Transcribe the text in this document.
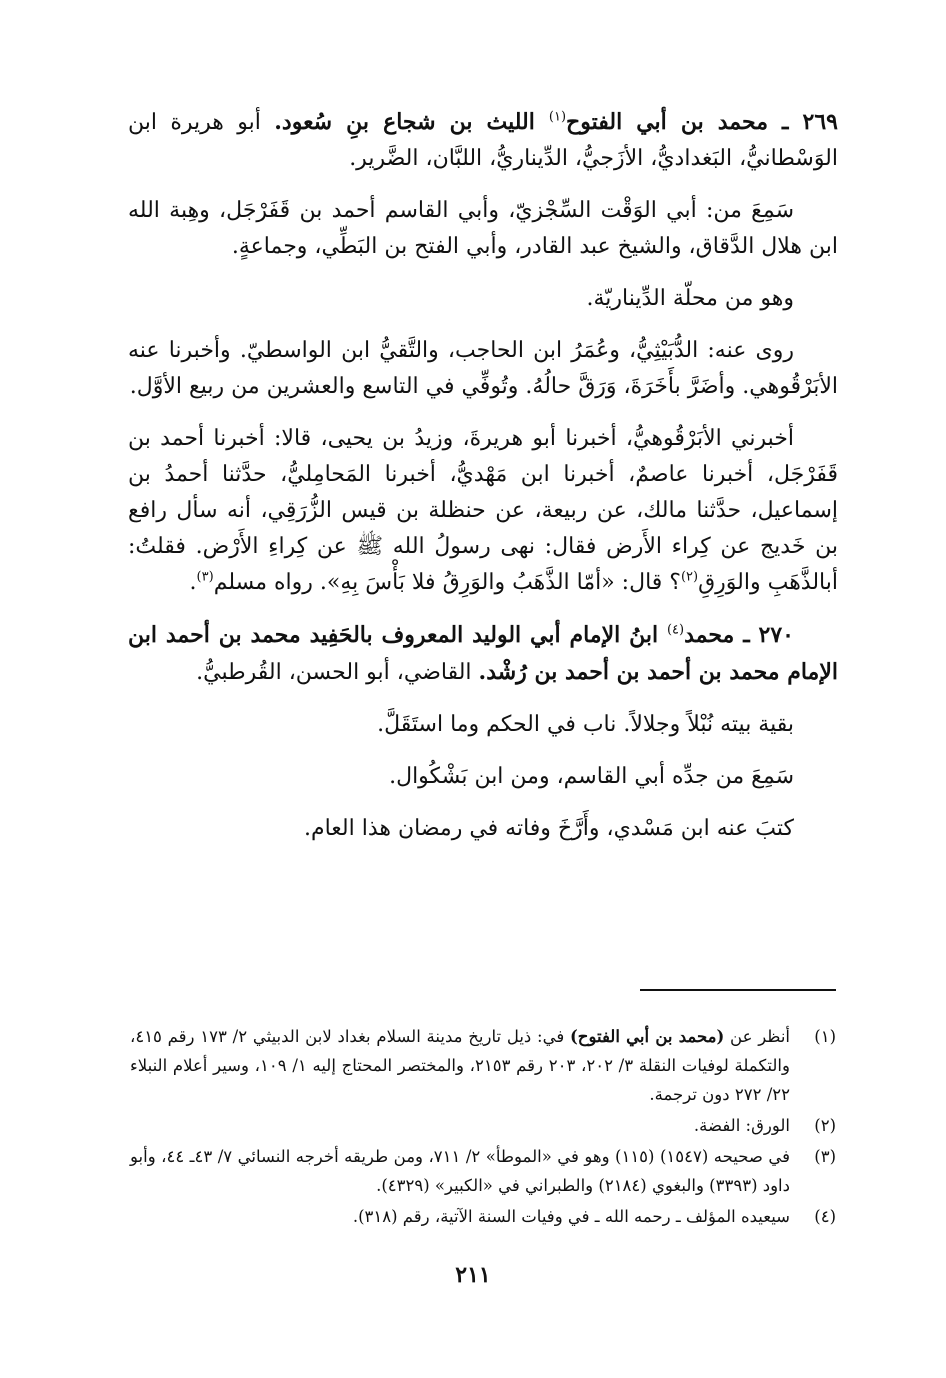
٢٦٩ ـ محمد بن أبي الفتوح$^{(١)}$ الليث بن شجاع بنِ سُعود. أبو هريرة ابن الوَسْطانيُّ، البَغداديُّ، الأزَجيُّ، الدِّيناريُّ، اللبَّان، الضَّرير.

سَمِعَ من: أبي الوَقْت السِّجْزيّ، وأبي القاسم أحمد بن قَفَرْجَل، وهِبة الله ابن هلال الدَّقاق، والشيخ عبد القادر، وأبي الفتح بن البَطِّي، وجماعةٍ.

وهو من محلّة الدِّيناريّة.

روى عنه: الدُّبَيْثِيُّ، وعُمَرُ ابن الحاجب، والتَّقيُّ ابن الواسطيّ. وأخبرنا عنه الأبَرْقُوهي. وأضَرَّ بأَخَرَةَ، وَرَقَّ حالُهُ. وتُوفِّي في التاسع والعشرين من ربيع الأوَّل.

أخبرني الأبَرْقُوهيُّ، أخبرنا أبو هريرةَ، وزيدُ بن يحيى، قالا: أخبرنا أحمد بن قَفَرْجَل، أخبرنا عاصمٌ، أخبرنا ابن مَهْديُّ، أخبرنا المَحامِليُّ، حدَّثنا أحمدُ بن إسماعيل، حدَّثنا مالك، عن ربيعة، عن حنظلة بن قيس الزُّرَقِي، أنه سأل رافع بن خَديج عن كِراء الأَرض فقال: نهى رسولُ الله ﷺ عن كِراءِ الأَرْض. فقلتُ: أبالذَّهَبِ والوَرِقِ$^{(٢)}$؟ قال: «أمّا الذَّهَبُ والوَرِقُ فلا بَأْسَ بِهِ». رواه مسلم$^{(٣)}$.

٢٧٠ ـ محمد$^{(٤)}$ ابنُ الإمام أبي الوليد المعروف بالحَفِيد محمد بن أحمد ابن الإمام محمد بن أحمد بن أحمد بن رُشْد. القاضي، أبو الحسن، القُرطبيُّ.

بقية بيته نُبْلاً وجلالاً. ناب في الحكم وما استَقَلَّ.

سَمِعَ من جدِّه أبي القاسم، ومن ابن بَشْكُوال.

كتبَ عنه ابن مَسْدي، وأَرَّخَ وفاته في رمضان هذا العام.

(١)
أنظر عن (محمد بن أبي الفتوح) في: ذيل تاريخ مدينة السلام بغداد لابن الدبيثي ٢/ ١٧٣ رقم ٤١٥، والتكملة لوفيات النقلة ٣/ ٢٠٢، ٢٠٣ رقم ٢١٥٣، والمختصر المحتاج إليه ١/ ١٠٩، وسير أعلام النبلاء ٢٢/ ٢٧٢ دون ترجمة.
(٢)
الورق: الفضة.
(٣)
في صحيحه (١٥٤٧) (١١٥) وهو في «الموطأ» ٢/ ٧١١، ومن طريقه أخرجه النسائي ٧/ ٤٣ـ ٤٤، وأبو داود (٣٣٩٣) والبغوي (٢١٨٤) والطبراني في «الكبير» (٤٣٢٩).
(٤)
سيعيده المؤلف ـ رحمه الله ـ في وفيات السنة الآتية، رقم (٣١٨).
٢١١
